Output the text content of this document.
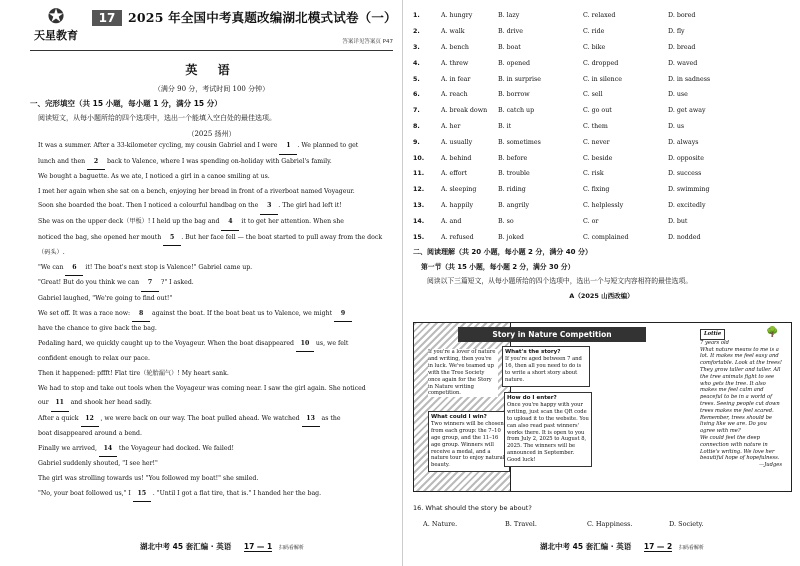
✪
天星教育
17	2025 年全国中考真题改编湖北模式试卷（一）
答案详见答案页 P47
英 语
（满分 90 分，考试时间 100 分钟）
一、完形填空（共 15 小题，每小题 1 分，满分 15 分）
阅读短文，从每小题所给的四个选项中，选出一个能填入空白处的最佳选项。
（2025 扬州）

It was a summer. After a 33-kilometer cycling, my cousin Gabriel and I were 1 . We planned to get

lunch and then 2 back to Valence, where I was spending on-holiday with Gabriel's family.

We bought a baguette. As we ate, I noticed a girl in a canoe smiling at us.

I met her again when she sat on a bench, enjoying her bread in front of a riverboat named Voyageur.

Soon she boarded the boat. Then I noticed a colourful handbag on the 3 . The girl had left it!

She was on the upper deck（甲板）! I held up the bag and 4 it to get her attention. When she

noticed the bag, she opened her mouth 5 . But her face fell — the boat started to pull away from the dock

（码头）.

"We can 6 it! The boat's next stop is Valence!" Gabriel came up.

"Great! But do you think we can 7 ?" I asked.

Gabriel laughed, "We're going to find out!"

We set off. It was a race now: 8 against the boat. If the boat beat us to Valence, we might 9

have the chance to give back the bag.

Pedaling hard, we quickly caught up to the Voyageur. When the boat disappeared 10 us, we felt

confident enough to relax our pace.

Then it happened: pffft! Flat tire（轮胎漏气）! My heart sank.

We had to stop and take out tools when the Voyageur was coming near. I saw the girl again. She noticed

our 11 and shook her head sadly.

After a quick 12 , we were back on our way. The boat pulled ahead. We watched 13 as the

boat disappeared around a bend.

Finally we arrived, 14 the Voyageur had docked. We failed!

Gabriel suddenly shouted, "I see her!"

The girl was strolling towards us! "You followed my boat!" she smiled.

"No, your boat followed us," I 15 . "Until I got a flat tire, that is." I handed her the bag.

1.	A. hungry	B. lazy	C. relaxed	D. bored
2.	A. walk	B. drive	C. ride	D. fly
3.	A. bench	B. boat	C. bike	D. bread
4.	A. threw	B. opened	C. dropped	D. waved
5.	A. in fear	B. in surprise	C. in silence	D. in sadness
6.	A. reach	B. borrow	C. sell	D. use
7.	A. break down	B. catch up	C. go out	D. get away
8.	A. her	B. it	C. them	D. us
9.	A. usually	B. sometimes	C. never	D. always
10.	A. behind	B. before	C. beside	D. opposite
11.	A. effort	B. trouble	C. risk	D. success
12.	A. sleeping	B. riding	C. fixing	D. swimming
13.	A. happily	B. angrily	C. helplessly	D. excitedly
14.	A. and	B. so	C. or	D. but
15.	A. refused	B. joked	C. complained	D. nodded
二、阅读理解（共 20 小题，每小题 2 分，满分 40 分）
第一节（共 15 小题，每小题 2 分，满分 30 分）
阅读以下三篇短文，从每小题所给的四个选项中，选出一个与短文内容相符的最佳选项。
A（2025 山西改编）
Story in Nature Competition
If you're a lover of nature and writing, then you're in luck. We've teamed up with the Tree Society once again for the Story in Nature writing competition.
What's the story?
If you're aged between 7 and 16, then all you need to do is to write a short story about nature.
What could I win?
Two winners will be chosen from each group: the 7–10 age group, and the 11–16 age group. Winners will receive a medal, and a nature tour to enjoy natural beauty.
How do I enter?
Once you're happy with your writing, just scan the QR code to upload it to the website. You can also read past winners' works there. It is open to you from July 2, 2025 to August 8, 2025. The winners will be announced in September. Good luck!
Lottie
7 years old
What nature means to me is a lot. It makes me feel easy and comfortable. Look at the trees! They grow taller and taller. All the tree animals fight to see who gets the tree. It also makes me feel calm and peaceful to be in a world of trees. Seeing people cut down trees makes me feel scared. Remember, trees should be living like we are. Do you agree with me?
We could feel the deep connection with nature in Lottie's writing. We love her beautiful hope of hopefulness.
—Judges
🌳
16. What should the story be about?
A. Nature.	B. Travel.	C. Happiness.	D. Society.
湖北中考 45 套汇编 · 英语 17 — 1 扫码看解析	湖北中考 45 套汇编 · 英语 17 — 2 扫码看解析
